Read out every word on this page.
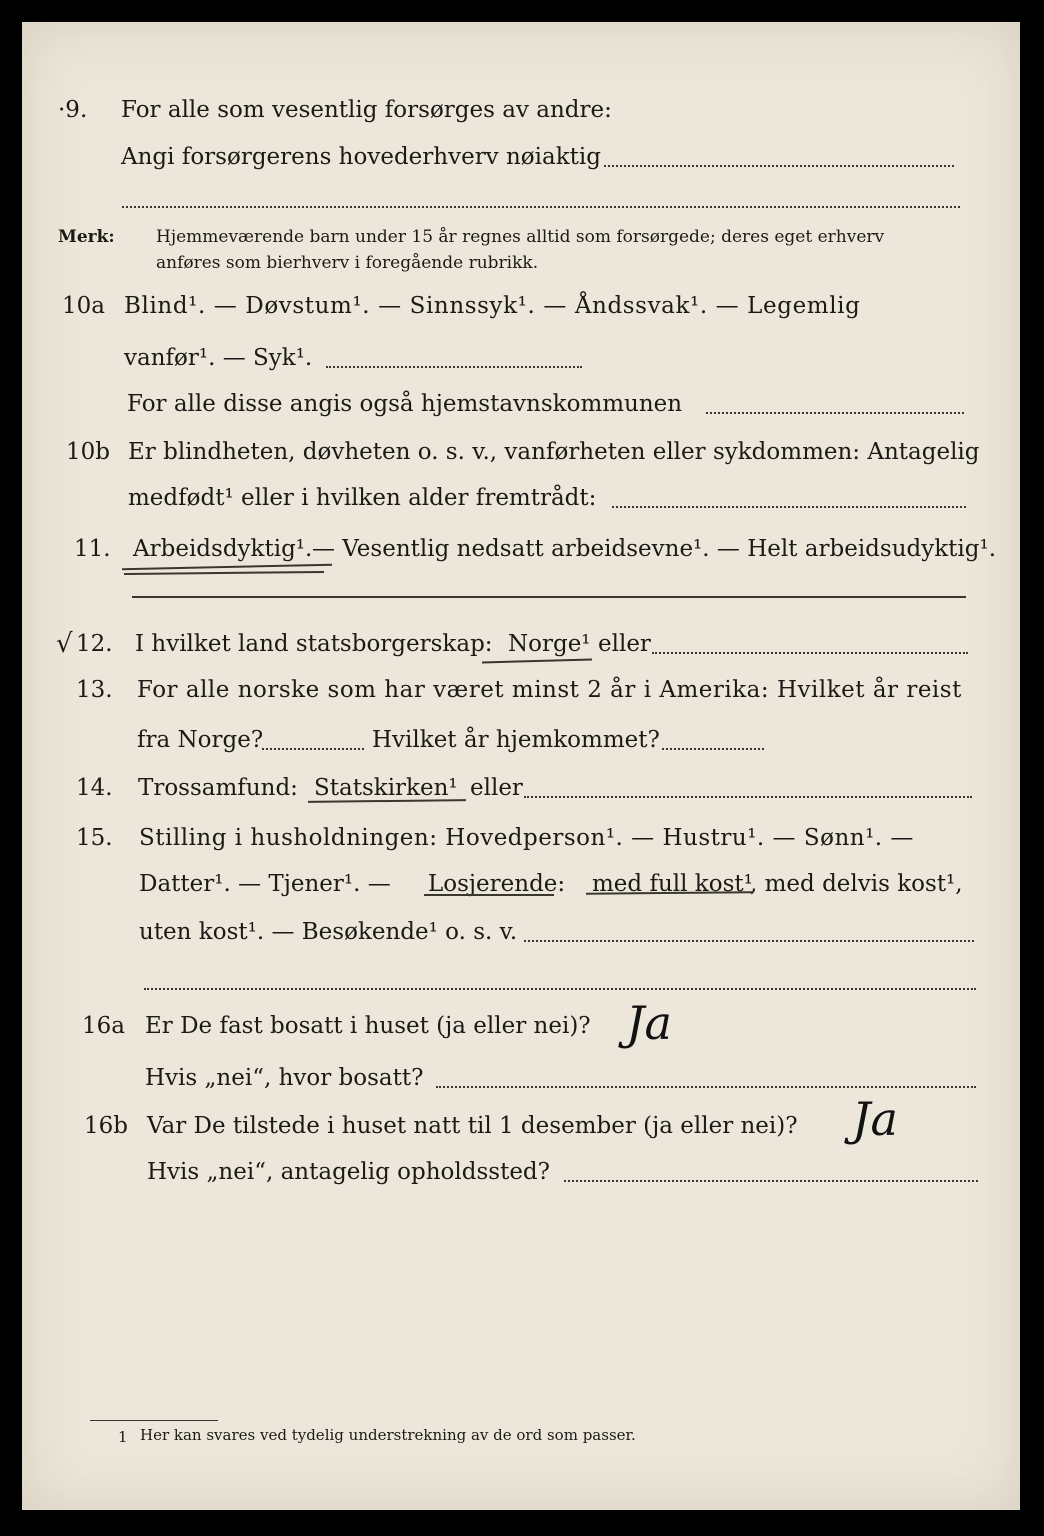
·9. For alle som vesentlig forsørges av andre:
Angi forsørgerens hovederhverv nøiaktig
Merk: Hjemmeværende barn under 15 år regnes alltid som forsørgede; deres eget erhverv
anføres som bierhverv i foregående rubrikk.
10a Blind¹. — Døvstum¹. — Sinnssyk¹. — Åndssvak¹. — Legemlig
vanfør¹. — Syk¹.
For alle disse angis også hjemstavnskommunen
10b Er blindheten, døvheten o. s. v., vanførheten eller sykdommen: Antagelig
medfødt¹ eller i hvilken alder fremtrådt:
11. Arbeidsdyktig¹. — Vesentlig nedsatt arbeidsevne¹. — Helt arbeidsudyktig¹.
√ 12. I hvilket land statsborgerskap: Norge¹ eller
13. For alle norske som har været minst 2 år i Amerika: Hvilket år reist
fra Norge?	Hvilket år hjemkommet?
14. Trossamfund: Statskirken¹ eller
15. Stilling i husholdningen: Hovedperson¹. — Hustru¹. — Sønn¹. —
Datter¹. — Tjener¹. — Losjerende: med full kost¹
, med delvis kost¹,
uten kost¹. — Besøkende¹ o. s. v.
16a Er De fast bosatt i huset (ja eller nei)? Ja
Hvis „nei“, hvor bosatt?
16b Var De tilstede i huset natt til 1 desember (ja eller nei)? Ja
Hvis „nei“, antagelig opholdssted?
1 Her kan svares ved tydelig understrekning av de ord som passer.
